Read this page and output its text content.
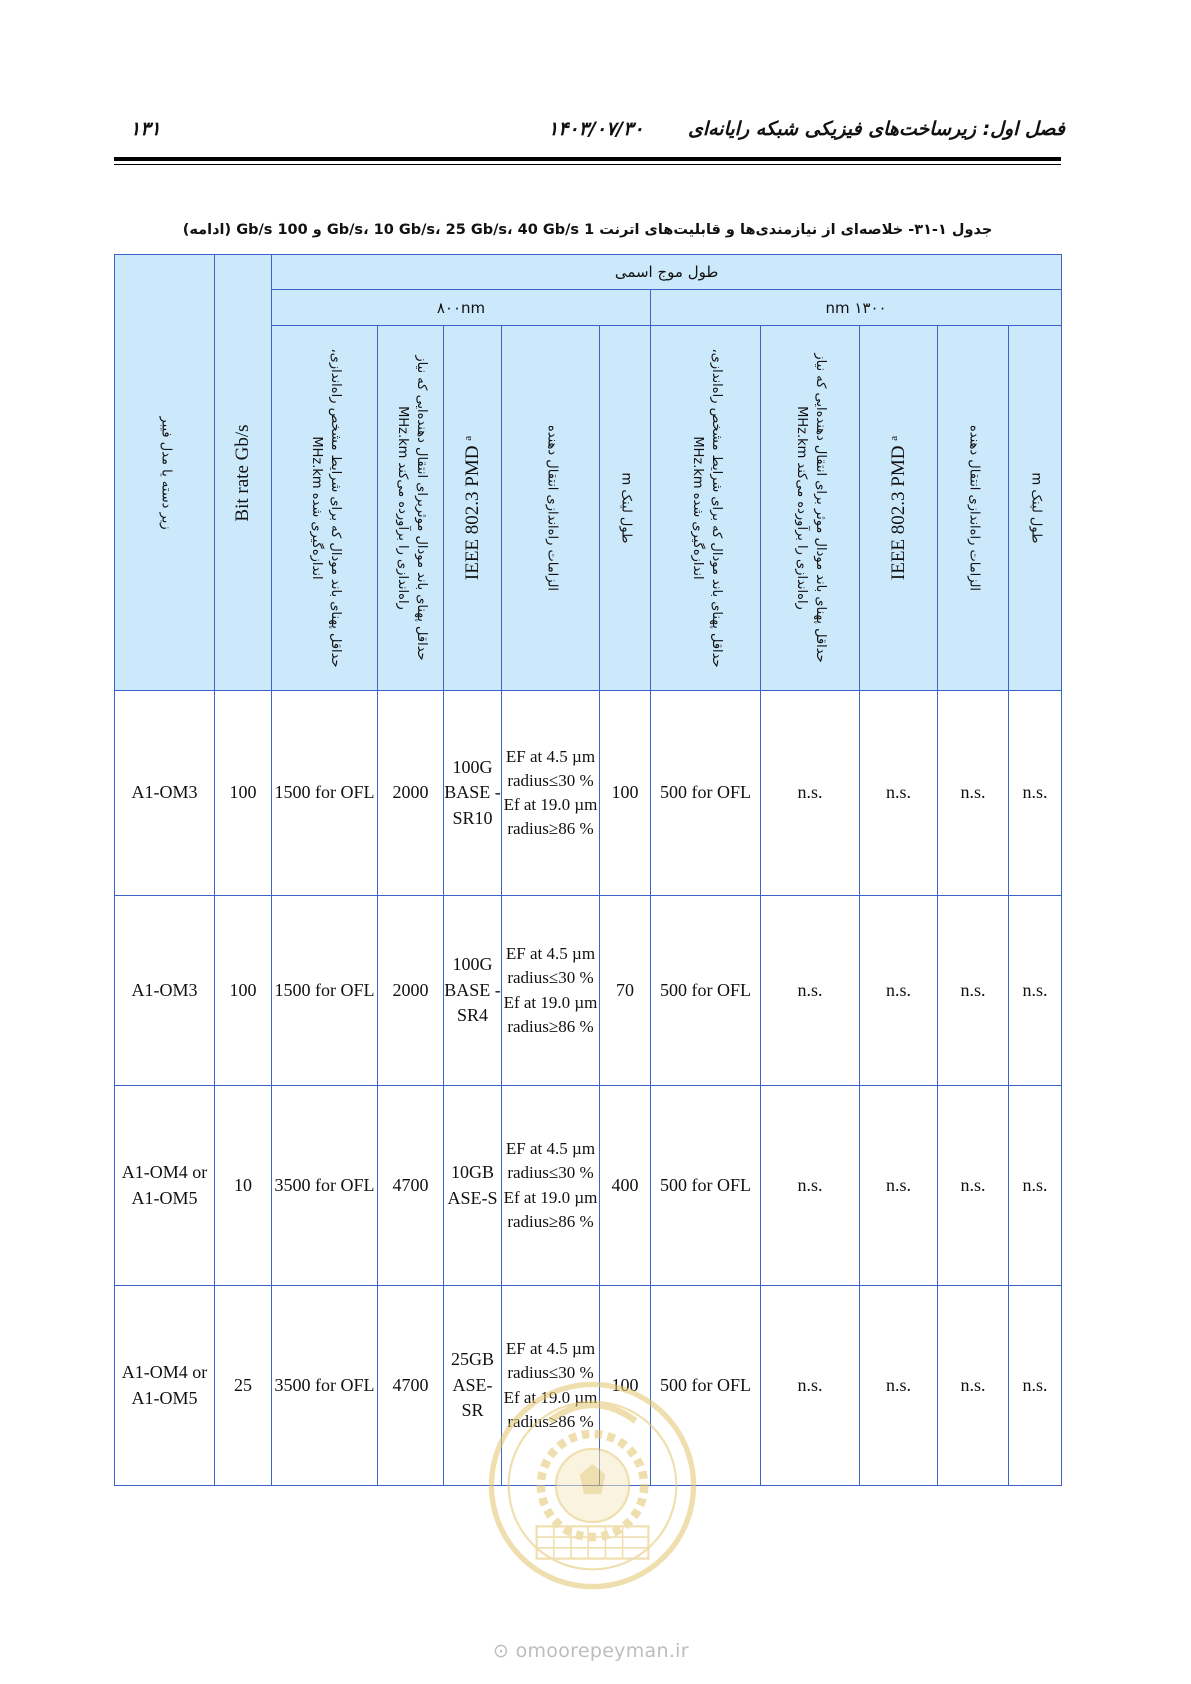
فصل اول: زیرساخت‌های فیزیکی شبکه رایانه‌ای
۱۴۰۳/۰۷/۳۰
۱۳۱
جدول ۱-۳۱- خلاصه‌ای از نیازمندی‌ها و قابلیت‌های اترنت 1 Gb/s، 10 Gb/s، 25 Gb/s، 40 Gb/s و 100 Gb/s (ادامه)
زیر دسته یا مدل فیبر	Bit rate Gb/s	طول موج اسمی									
		۸۰۰nm					۱۳۰۰ nm				

		حداقل پهنای باند مودال که برای شرایط مشخص راه‌اندازی، اندازه‌گیری شده MHz.km	حداقل پهنای باند مودال موثربرای انتقال دهنده‌ایی که نیاز راه‌اندازی را برآورده می‌کند MHz.km	IEEE 802.3 PMD $^a$	الزامات راه‌اندازی انتقال دهنده	طول لینک m	حداقل پهنای باند مودال که برای شرایط مشخص راه‌اندازی، اندازه‌گیری شده MHz.km	حداقل پهنای باند مودال موثر برای انتقال دهنده‌ایی که نیاز راه‌اندازی را برآورده می‌کند MHz.km	IEEE 802.3 PMD $^a$	الزامات راه‌اندازی انتقال دهنده	طول لینک m

A1-OM3	100	1500 for OFL	2000	100G BASE -SR10	EF at 4.5 µm radius≤30 % Ef at 19.0 µm radius≥86 %	100	500 for OFL	n.s.	n.s.	n.s.	n.s.
A1-OM3	100	1500 for OFL	2000	100G BASE -SR4	EF at 4.5 µm radius≤30 % Ef at 19.0 µm radius≥86 %	70	500 for OFL	n.s.	n.s.	n.s.	n.s.
A1-OM4 or A1-OM5	10	3500 for OFL	4700	10GB ASE-S	EF at 4.5 µm radius≤30 % Ef at 19.0 µm radius≥86 %	400	500 for OFL	n.s.	n.s.	n.s.	n.s.
A1-OM4 or A1-OM5	25	3500 for OFL	4700	25GB ASE- SR	EF at 4.5 µm radius≤30 % Ef at 19.0 µm radius≥86 %	100	500 for OFL	n.s.	n.s.	n.s.	n.s.
⊙ omoorepeyman.ir
